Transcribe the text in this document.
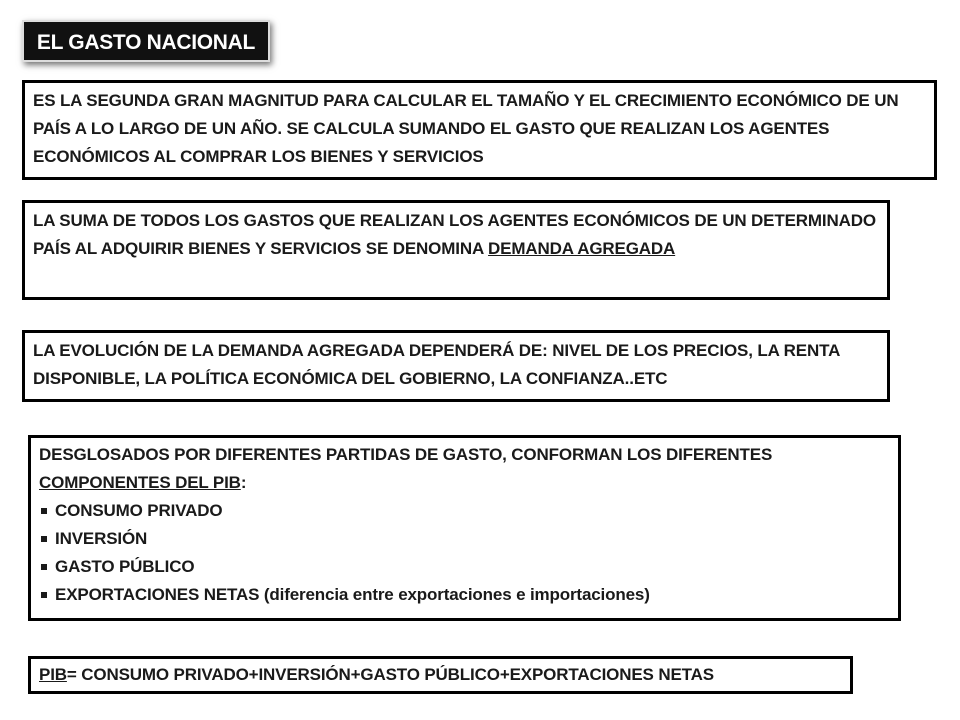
EL GASTO NACIONAL
ES LA SEGUNDA GRAN MAGNITUD PARA CALCULAR EL TAMAÑO Y EL CRECIMIENTO ECONÓMICO DE UN PAÍS A LO LARGO DE UN AÑO. SE CALCULA SUMANDO EL GASTO QUE REALIZAN LOS AGENTES ECONÓMICOS AL COMPRAR LOS BIENES Y SERVICIOS
LA SUMA DE TODOS LOS GASTOS QUE REALIZAN LOS AGENTES ECONÓMICOS DE UN DETERMINADO PAÍS AL ADQUIRIR BIENES Y SERVICIOS SE DENOMINA DEMANDA AGREGADA
LA EVOLUCIÓN DE LA DEMANDA AGREGADA DEPENDERÁ DE: NIVEL DE LOS PRECIOS, LA RENTA DISPONIBLE, LA POLÍTICA ECONÓMICA DEL GOBIERNO, LA CONFIANZA..ETC
DESGLOSADOS POR DIFERENTES PARTIDAS DE GASTO, CONFORMAN LOS DIFERENTES COMPONENTES DEL PIB:
CONSUMO PRIVADO
INVERSIÓN
GASTO PÚBLICO
EXPORTACIONES NETAS (diferencia entre exportaciones e importaciones)
PIB= CONSUMO PRIVADO+INVERSIÓN+GASTO PÚBLICO+EXPORTACIONES NETAS
